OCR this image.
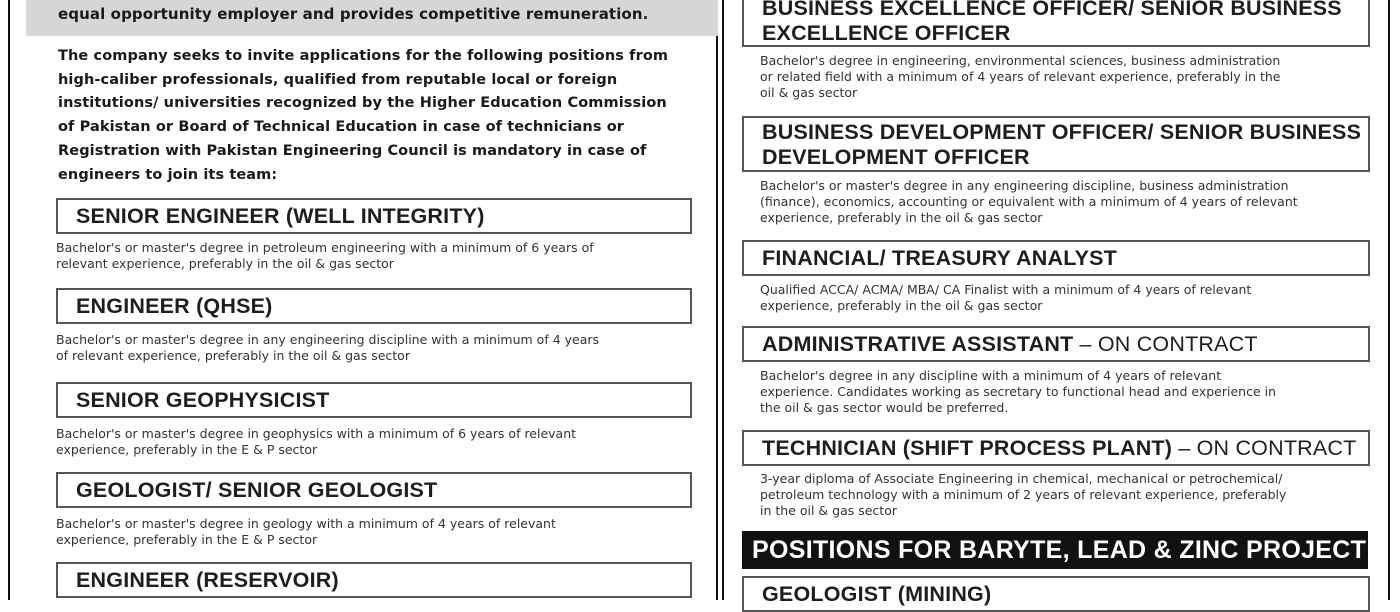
equal opportunity employer and provides competitive remuneration.
The company seeks to invite applications for the following positions from
high-caliber professionals, qualified from reputable local or foreign
institutions/ universities recognized by the Higher Education Commission
of Pakistan or Board of Technical Education in case of technicians or
Registration with Pakistan Engineering Council is mandatory in case of
engineers to join its team:
SENIOR ENGINEER (WELL INTEGRITY)
Bachelor's or master's degree in petroleum engineering with a minimum of 6 years of
relevant experience, preferably in the oil & gas sector
ENGINEER (QHSE)
Bachelor's or master's degree in any engineering discipline with a minimum of 4 years
of relevant experience, preferably in the oil & gas sector
SENIOR GEOPHYSICIST
Bachelor's or master's degree in geophysics with a minimum of 6 years of relevant
experience, preferably in the E & P sector
GEOLOGIST/ SENIOR GEOLOGIST
Bachelor's or master's degree in geology with a minimum of 4 years of relevant
experience, preferably in the E & P sector
ENGINEER (RESERVOIR)
BUSINESS EXCELLENCE OFFICER/ SENIOR BUSINESS
EXCELLENCE OFFICER
Bachelor's degree in engineering, environmental sciences, business administration
or related field with a minimum of 4 years of relevant experience, preferably in the
oil & gas sector
BUSINESS DEVELOPMENT OFFICER/ SENIOR BUSINESS
DEVELOPMENT OFFICER
Bachelor's or master's degree in any engineering discipline, business administration
(finance), economics, accounting or equivalent with a minimum of 4 years of relevant
experience, preferably in the oil & gas sector
FINANCIAL/ TREASURY ANALYST
Qualified ACCA/ ACMA/ MBA/ CA Finalist with a minimum of 4 years of relevant
experience, preferably in the oil & gas sector
ADMINISTRATIVE ASSISTANT – ON CONTRACT
Bachelor's degree in any discipline with a minimum of 4 years of relevant
experience. Candidates working as secretary to functional head and experience in
the oil & gas sector would be preferred.
TECHNICIAN (SHIFT PROCESS PLANT) – ON CONTRACT
3-year diploma of Associate Engineering in chemical, mechanical or petrochemical/
petroleum technology with a minimum of 2 years of relevant experience, preferably
in the oil & gas sector
POSITIONS FOR BARYTE, LEAD & ZINC PROJECT
GEOLOGIST (MINING)
